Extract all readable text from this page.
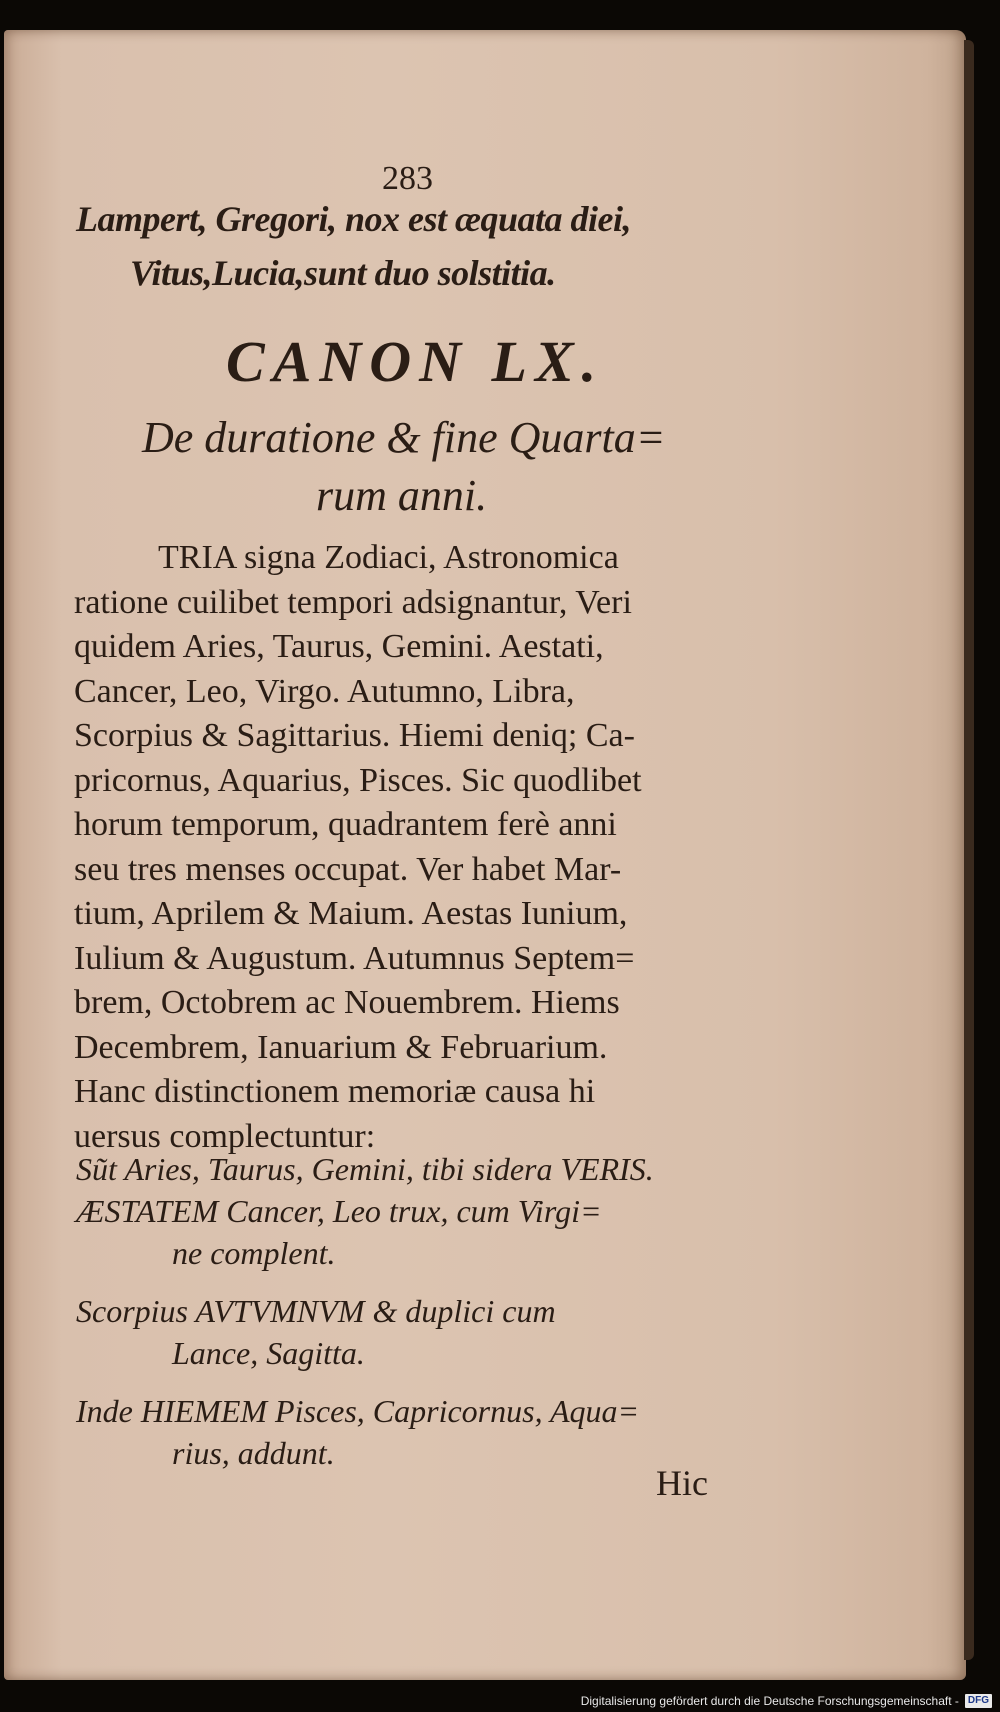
283
Lampert, Gregori, nox est æquata diei,
Vitus,Lucia,sunt duo solstitia.
CANON LX.
De duratione & fine Quarta=
rum anni.

TRIA signa Zodiaci, Astronomica

ratione cuilibet tempori adsignantur, Veri

quidem Aries, Taurus, Gemini. Aestati,

Cancer, Leo, Virgo. Autumno, Libra,

Scorpius & Sagittarius. Hiemi deniq; Ca-

pricornus, Aquarius, Pisces. Sic quodlibet

horum temporum, quadrantem ferè anni

seu tres menses occupat. Ver habet Mar-

tium, Aprilem & Maium. Aestas Iunium,

Iulium & Augustum. Autumnus Septem=

brem, Octobrem ac Nouembrem. Hiems

Decembrem, Ianuarium & Februarium.

Hanc distinctionem memoriæ causa hi

uersus complectuntur:

Sũt Aries, Taurus, Gemini, tibi sidera VERIS.

ÆSTATEM Cancer, Leo trux, cum Virgi=

ne complent.

Scorpius AVTVMNVM & duplici cum

Lance, Sagitta.

Inde HIEMEM Pisces, Capricornus, Aqua=

rius, addunt.

Hic
Digitalisierung gefördert durch die Deutsche Forschungsgemeinschaft - DFG
